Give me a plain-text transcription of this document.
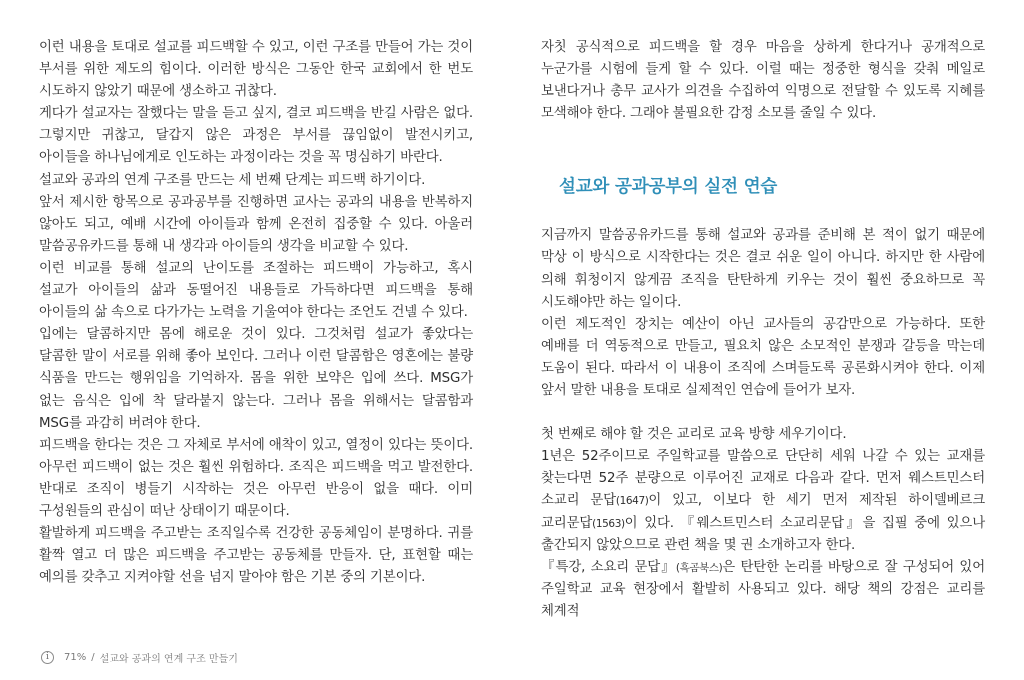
이런 내용을 토대로 설교를 피드백할 수 있고, 이런 구조를 만들어 가는 것이 부서를 위한 제도의 힘이다. 이러한 방식은 그동안 한국 교회에서 한 번도 시도하지 않았기 때문에 생소하고 귀찮다.

게다가 설교자는 잘했다는 말을 듣고 싶지, 결코 피드백을 반길 사람은 없다. 그렇지만 귀찮고, 달갑지 않은 과정은 부서를 끊임없이 발전시키고, 아이들을 하나님에게로 인도하는 과정이라는 것을 꼭 명심하기 바란다.

설교와 공과의 연계 구조를 만드는 세 번째 단계는 피드백 하기이다.

앞서 제시한 항목으로 공과공부를 진행하면 교사는 공과의 내용을 반복하지 않아도 되고, 예배 시간에 아이들과 함께 온전히 집중할 수 있다. 아울러 말씀공유카드를 통해 내 생각과 아이들의 생각을 비교할 수 있다.

이런 비교를 통해 설교의 난이도를 조절하는 피드백이 가능하고, 혹시 설교가 아이들의 삶과 동떨어진 내용들로 가득하다면 피드백을 통해 아이들의 삶 속으로 다가가는 노력을 기울여야 한다는 조언도 건넬 수 있다.

입에는 달콤하지만 몸에 해로운 것이 있다. 그것처럼 설교가 좋았다는 달콤한 말이 서로를 위해 좋아 보인다. 그러나 이런 달콤함은 영혼에는 불량 식품을 만드는 행위임을 기억하자. 몸을 위한 보약은 입에 쓰다. MSG가 없는 음식은 입에 착 달라붙지 않는다. 그러나 몸을 위해서는 달콤함과 MSG를 과감히 버려야 한다.

피드백을 한다는 것은 그 자체로 부서에 애착이 있고, 열정이 있다는 뜻이다. 아무런 피드백이 없는 것은 훨씬 위험하다. 조직은 피드백을 먹고 발전한다. 반대로 조직이 병들기 시작하는 것은 아무런 반응이 없을 때다. 이미 구성원들의 관심이 떠난 상태이기 때문이다.

활발하게 피드백을 주고받는 조직일수록 건강한 공동체임이 분명하다. 귀를 활짝 열고 더 많은 피드백을 주고받는 공동체를 만들자. 단, 표현할 때는 예의를 갖추고 지켜야할 선을 넘지 말아야 함은 기본 중의 기본이다.

자칫 공식적으로 피드백을 할 경우 마음을 상하게 한다거나 공개적으로 누군가를 시험에 들게 할 수 있다. 이럴 때는 정중한 형식을 갖춰 메일로 보낸다거나 총무 교사가 의견을 수집하여 익명으로 전달할 수 있도록 지혜를 모색해야 한다. 그래야 불필요한 감정 소모를 줄일 수 있다.

설교와 공과공부의 실전 연습

지금까지 말씀공유카드를 통해 설교와 공과를 준비해 본 적이 없기 때문에 막상 이 방식으로 시작한다는 것은 결코 쉬운 일이 아니다. 하지만 한 사람에 의해 휘청이지 않게끔 조직을 탄탄하게 키우는 것이 훨씬 중요하므로 꼭 시도해야만 하는 일이다.

이런 제도적인 장치는 예산이 아닌 교사들의 공감만으로 가능하다. 또한 예배를 더 역동적으로 만들고, 필요치 않은 소모적인 분쟁과 갈등을 막는데 도움이 된다. 따라서 이 내용이 조직에 스며들도록 공론화시켜야 한다. 이제 앞서 말한 내용을 토대로 실제적인 연습에 들어가 보자.

첫 번째로 해야 할 것은 교리로 교육 방향 세우기이다.

1년은 52주이므로 주일학교를 말씀으로 단단히 세워 나갈 수 있는 교재를 찾는다면 52주 분량으로 이루어진 교재로 다음과 같다. 먼저 웨스트민스터 소교리 문답(1647)이 있고, 이보다 한 세기 먼저 제작된 하이델베르크 교리문답(1563)이 있다. 『웨스트민스터 소교리문답』을 집필 중에 있으나 출간되지 않았으므로 관련 책을 몇 권 소개하고자 한다.

『특강, 소요리 문답』(흑곰북스)은 탄탄한 논리를 바탕으로 잘 구성되어 있어 주일학교 교육 현장에서 활발히 사용되고 있다. 해당 책의 강점은 교리를 체계적

i	71% / 설교와 공과의 연계 구조 만들기
